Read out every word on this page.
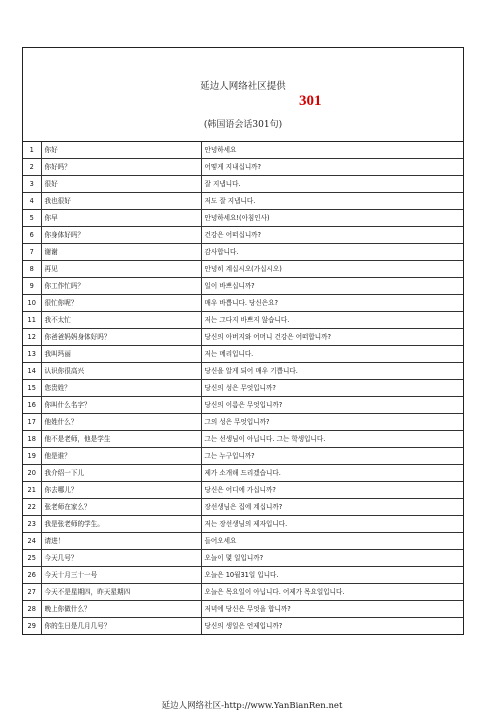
延边人网络社区提供
301
(韩国语会话301句)
1	你好	안녕하세요
2	你好吗？	어떻게 지내십니까?
3	很好	잘 지냅니다.
4	我也很好	저도 잘 지냅니다.
5	你早	안녕하세요!(아침인사)
6	你身体好吗？	건강은 어떠십니까?
7	谢谢	감사합니다.
8	再见	안녕히 계십시오(가십시오)
9	你工作忙吗？	일이 바쁘십니까?
10	很忙你呢？	매우 바쁩니다. 당신은요?
11	我不太忙	저는 그다지 바쁘지 않습니다.
12	你爸爸妈妈身体好吗？	당신의 아버지와 어머니 건강은 어떠합니까?
13	我叫玛丽	저는 메리입니다.
14	认识你很高兴	당신을 알게 되어 매우 기쁩니다.
15	您贵姓？	당신의 성은 무엇입니까?
16	你叫什么名字？	당신의 이름은 무엇입니까?
17	他姓什么？	그의 성은 무엇입니까?
18	他不是老师，他是学生	그는 선생님이 아닙니다. 그는 학생입니다.
19	他是谁？	그는 누구입니까?
20	我介绍一下儿	제가 소개해 드리겠습니다.
21	你去哪儿？	당신은 어디에 가십니까?
22	张老师在家么？	장선생님은 집에 계십니까?
23	我是张老师的学生。	저는 장선생님의 제자입니다.
24	请进！	들어오세요
25	今天几号？	오늘이 몇 일입니까?
26	今天十月三十一号	오늘은 10월31일 입니다.
27	今天不是星期四，昨天星期四	오늘은 목요일이 아닙니다. 어제가 목요일입니다.
28	晚上你做什么？	저녁에 당신은 무엇을 합니까?
29	你的生日是几月几号？	당신의 생일은 언제입니까?
延边人网络社区-http://www.YanBianRen.net
